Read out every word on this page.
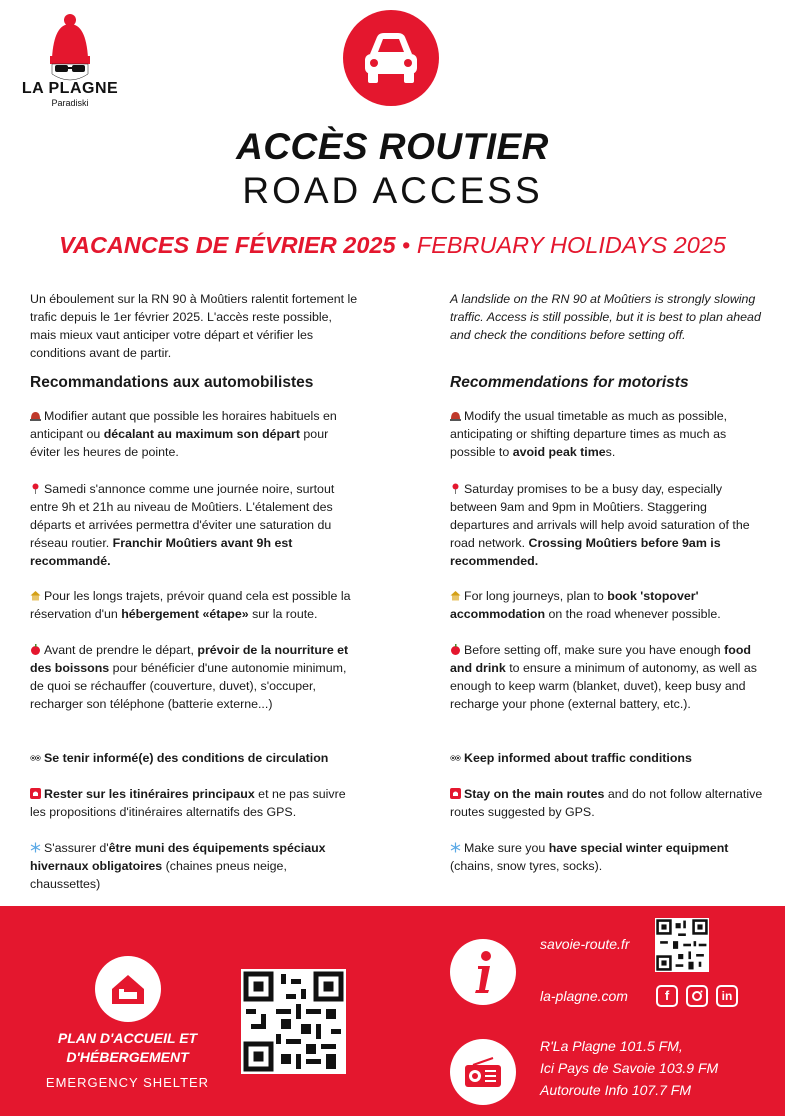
LA PLAGNE
Paradiski
ACCÈS ROUTIER
ROAD ACCESS
VACANCES DE FÉVRIER 2025 • FEBRUARY HOLIDAYS 2025

Un éboulement sur la RN 90 à Moûtiers ralentit fortement le trafic depuis le 1er février 2025. L'accès reste possible, mais mieux vaut anticiper votre départ et vérifier les conditions avant de partir.

Recommandations aux automobilistes
Modifier autant que possible les horaires habituels en anticipant ou décalant au maximum son départ pour éviter les heures de pointe.
Samedi s'annonce comme une journée noire, surtout entre 9h et 21h au niveau de Moûtiers. L'étalement des départs et arrivées permettra d'éviter une saturation du réseau routier. Franchir Moûtiers avant 9h est recommandé.
Pour les longs trajets, prévoir quand cela est possible la réservation d'un hébergement «étape» sur la route.
Avant de prendre le départ, prévoir de la nourriture et des boissons pour bénéficier d'une autonomie minimum, de quoi se réchauffer (couverture, duvet), s'occuper, recharger son téléphone (batterie externe...)
Se tenir informé(e) des conditions de circulation
Rester sur les itinéraires principaux et ne pas suivre les propositions d'itinéraires alternatifs des GPS.
S'assurer d'être muni des équipements spéciaux hivernaux obligatoires (chaines pneus neige, chaussettes)
A landslide on the RN 90 at Moûtiers is strongly slowing traffic. Access is still possible, but it is best to plan ahead and check the conditions before setting off.
Recommendations for motorists
Modify the usual timetable as much as possible, anticipating or shifting departure times as much as possible to avoid peak times.
Saturday promises to be a busy day, especially between 9am and 9pm in Moûtiers. Staggering departures and arrivals will help avoid saturation of the road network. Crossing Moûtiers before 9am is recommended.
For long journeys, plan to book 'stopover' accommodation on the road whenever possible.
Before setting off, make sure you have enough food and drink to ensure a minimum of autonomy, as well as enough to keep warm (blanket, duvet), keep busy and recharge your phone (external battery, etc.).
Keep informed about traffic conditions
Stay on the main routes and do not follow alternative routes suggested by GPS.
Make sure you have special winter equipment (chains, snow tyres, socks).
PLAN D'ACCUEIL ET
D'HÉBERGEMENT
EMERGENCY SHELTER
savoie-route.fr
la-plagne.com	f	in
R'La Plagne 101.5 FM,
Ici Pays de Savoie 103.9 FM
Autoroute Info 107.7 FM
